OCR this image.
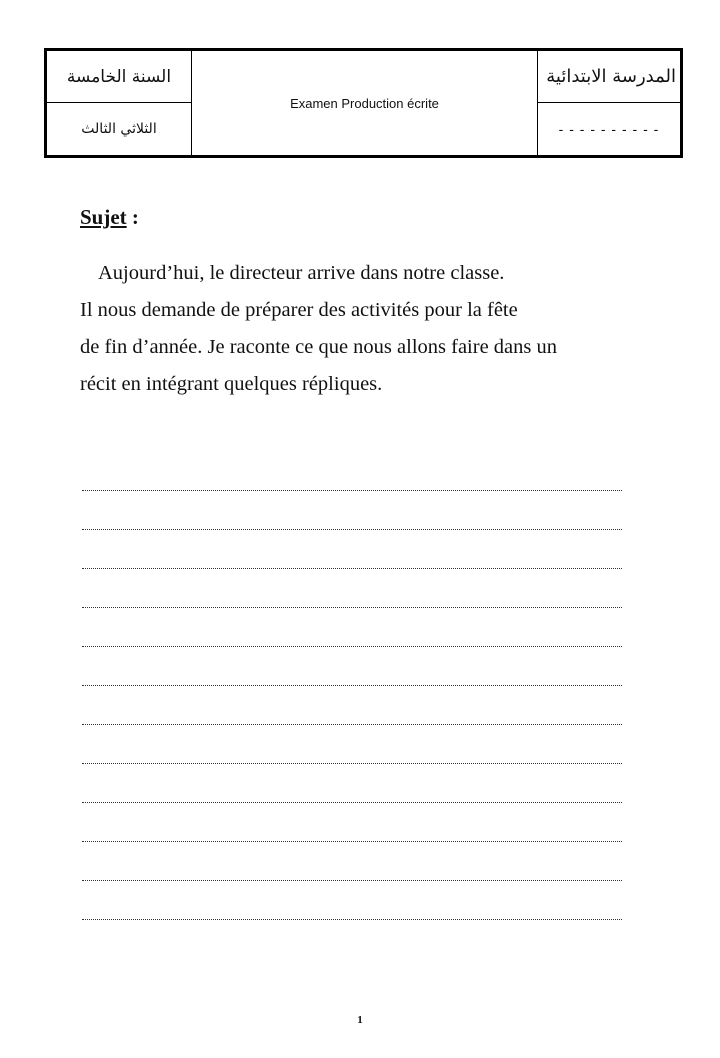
السنة الخامسة
الثلاثي الثالث
Examen Production écrite
المدرسة الابتدائية
- - - - - - - - - -
Sujet :
Aujourd’hui, le directeur arrive dans notre classe.
Il nous demande de préparer des activités pour la fête
de fin d’année. Je raconte ce que nous allons faire dans un
récit en intégrant quelques répliques.
1
